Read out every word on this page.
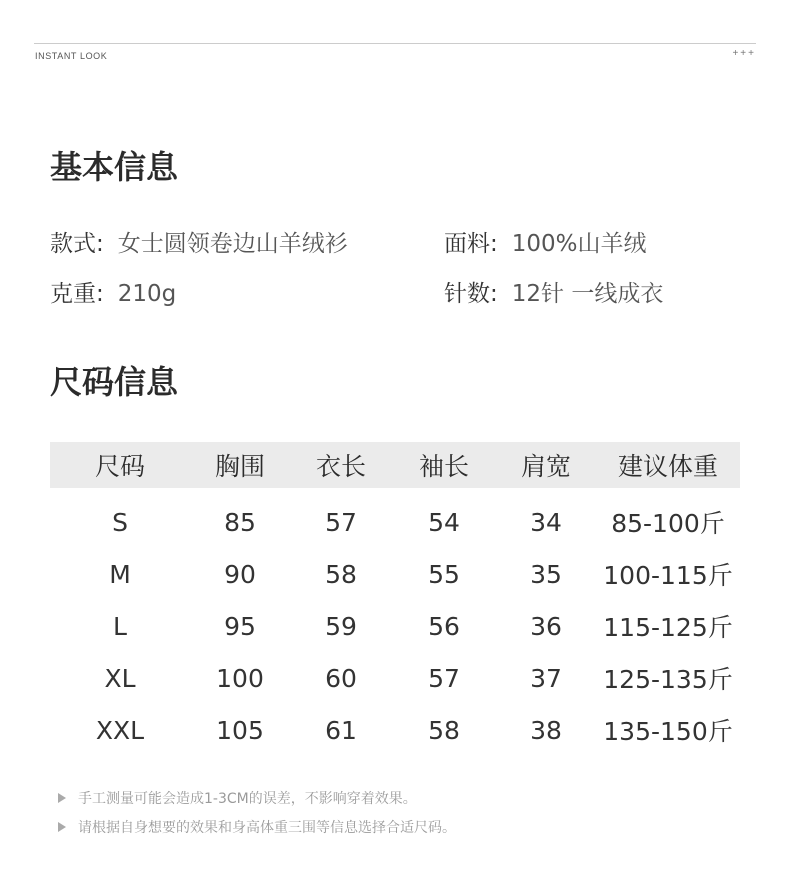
INSTANT LOOK	+++
基本信息
款式: 女士圆领卷边山羊绒衫	面料: 100%山羊绒
克重: 210g	针数: 12针 一线成衣
尺码信息
尺码	胸围	衣长	袖长	肩宽	建议体重
S	85	57	54	34	85-100斤
M	90	58	55	35	100-115斤
L	95	59	56	36	115-125斤
XL	100	60	57	37	125-135斤
XXL	105	61	58	38	135-150斤
手工测量可能会造成1-3CM的误差，不影响穿着效果。
请根据自身想要的效果和身高体重三围等信息选择合适尺码。
